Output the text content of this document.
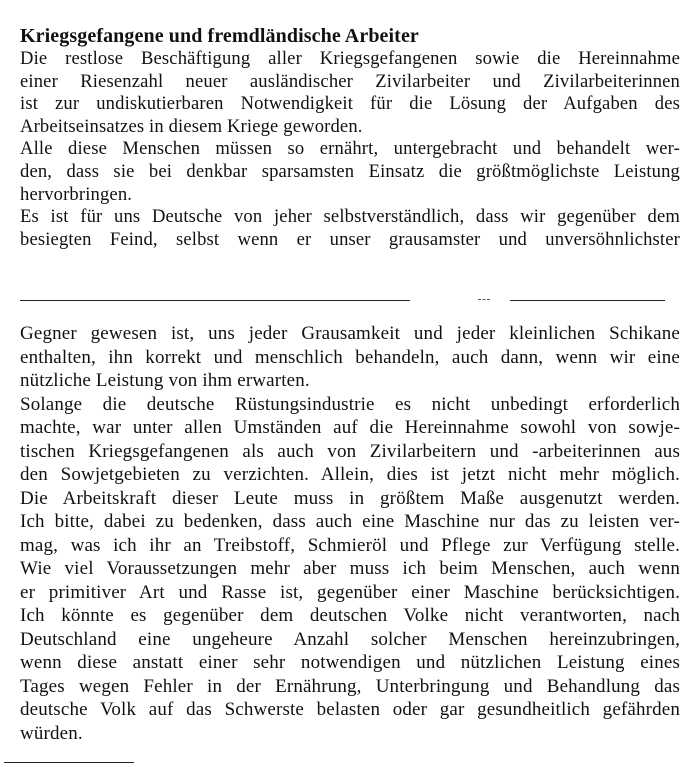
Kriegsgefangene und fremdländische Arbeiter
Die restlose Beschäftigung aller Kriegsgefangenen sowie die Hereinnahme
einer Riesenzahl neuer ausländischer Zivilarbeiter und Zivilarbeiterinnen
ist zur undiskutierbaren Notwendigkeit für die Lösung der Aufgaben des
Arbeitseinsatzes in diesem Kriege geworden.
Alle diese Menschen müssen so ernährt, untergebracht und behandelt wer-
den, dass sie bei denkbar sparsamsten Einsatz die größtmöglichste Leistung
hervorbringen.
Es ist für uns Deutsche von jeher selbstverständlich, dass wir gegenüber dem
besiegten Feind, selbst wenn er unser grausamster und unversöhnlichster
Gegner gewesen ist, uns jeder Grausamkeit und jeder kleinlichen Schikane
enthalten, ihn korrekt und menschlich behandeln, auch dann, wenn wir eine
nützliche Leistung von ihm erwarten.
Solange die deutsche Rüstungsindustrie es nicht unbedingt erforderlich
machte, war unter allen Umständen auf die Hereinnahme sowohl von sowje-
tischen Kriegsgefangenen als auch von Zivilarbeitern und -arbeiterinnen aus
den Sowjetgebieten zu verzichten. Allein, dies ist jetzt nicht mehr möglich.
Die Arbeitskraft dieser Leute muss in größtem Maße ausgenutzt werden.
Ich bitte, dabei zu bedenken, dass auch eine Maschine nur das zu leisten ver-
mag, was ich ihr an Treibstoff, Schmieröl und Pflege zur Verfügung stelle.
Wie viel Voraussetzungen mehr aber muss ich beim Menschen, auch wenn
er primitiver Art und Rasse ist, gegenüber einer Maschine berücksichtigen.
Ich könnte es gegenüber dem deutschen Volke nicht verantworten, nach
Deutschland eine ungeheure Anzahl solcher Menschen hereinzubringen,
wenn diese anstatt einer sehr notwendigen und nützlichen Leistung eines
Tages wegen Fehler in der Ernährung, Unterbringung und Behandlung das
deutsche Volk auf das Schwerste belasten oder gar gesundheitlich gefährden
würden.
